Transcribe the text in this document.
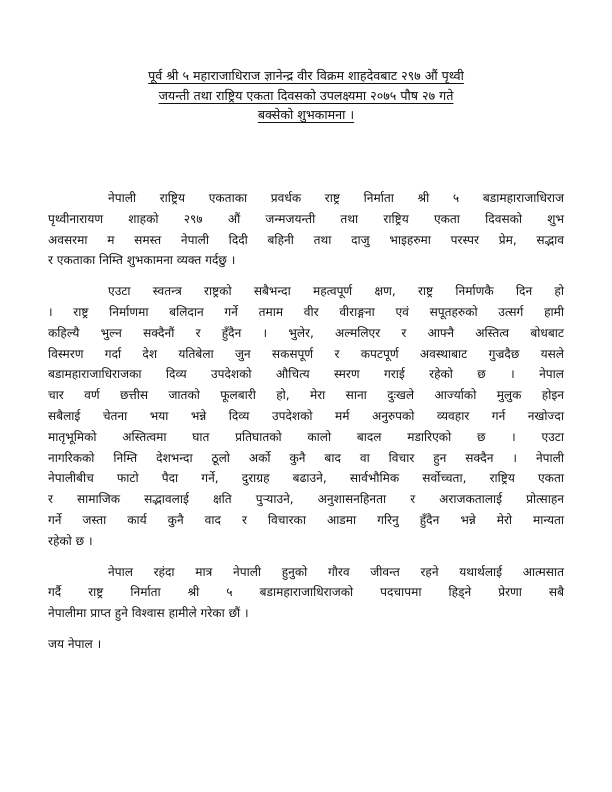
पूर्व श्री ५ महाराजाधिराज ज्ञानेन्द्र वीर विक्रम शाहदेवबाट २९७ औं पृथ्वी
जयन्ती तथा राष्ट्रिय एकता दिवसको उपलक्ष्यमा २०७५ पौष २७ गते
बक्सेको शुभकामना ।
नेपाली राष्ट्रिय एकताका प्रवर्धक राष्ट्र निर्माता श्री ५ बडामहाराजाधिराज
पृथ्वीनारायण शाहको २९७ औं जन्मजयन्ती तथा राष्ट्रिय एकता दिवसको शुभ
अवसरमा म समस्त नेपाली दिदी बहिनी तथा दाजु भाइहरुमा परस्पर प्रेम, सद्भाव
र एकताका निम्ति शुभकामना व्यक्त गर्दछु ।
एउटा स्वतन्त्र राष्ट्रको सबैभन्दा महत्वपूर्ण क्षण, राष्ट्र निर्माणकै दिन हो
। राष्ट्र निर्माणमा बलिदान गर्ने तमाम वीर वीराङ्गना एवं सपूतहरुको उत्सर्ग हामी
कहिल्यै भुल्न सक्दैनौं र हुँदैन । भुलेर, अल्मलिएर र आफ्नै अस्तित्व बोधबाट
विस्मरण गर्दा देश यतिबेला जुन सकसपूर्ण र कपटपूर्ण अवस्थाबाट गुज्रदैछ यसले
बडामहाराजाधिराजका दिव्य उपदेशको औचित्य स्मरण गराई रहेको छ । नेपाल
चार वर्ण छत्तीस जातको फूलबारी हो, मेरा साना दुःखले आर्ज्याको मुलुक होइन
सबैलाई चेतना भया भन्ने दिव्य उपदेशको मर्म अनुरुपको व्यवहार गर्न नखोज्दा
मातृभूमिको अस्तित्वमा घात प्रतिघातको कालो बादल मडारिएको छ । एउटा
नागरिकको निम्ति देशभन्दा ठूलो अर्को कुनै बाद वा विचार हुन सक्दैन । नेपाली
नेपालीबीच फाटो पैदा गर्ने, दुराग्रह बढाउने, सार्वभौमिक सर्वोच्चता, राष्ट्रिय एकता
र सामाजिक सद्भावलाई क्षति पुऱ्याउने, अनुशासनहिनता र अराजकतालाई प्रोत्साहन
गर्ने जस्ता कार्य कुनै वाद र विचारका आडमा गरिनु हुँदैन भन्ने मेरो मान्यता
रहेको छ ।
नेपाल रहंदा मात्र नेपाली हुनुको गौरव जीवन्त रहने यथार्थलाई आत्मसात
गर्दै राष्ट्र निर्माता श्री ५ बडामहाराजाधिराजको पदचापमा हिड्ने प्रेरणा सबै
नेपालीमा प्राप्त हुने विश्वास हामीले गरेका छौं ।
जय नेपाल ।
